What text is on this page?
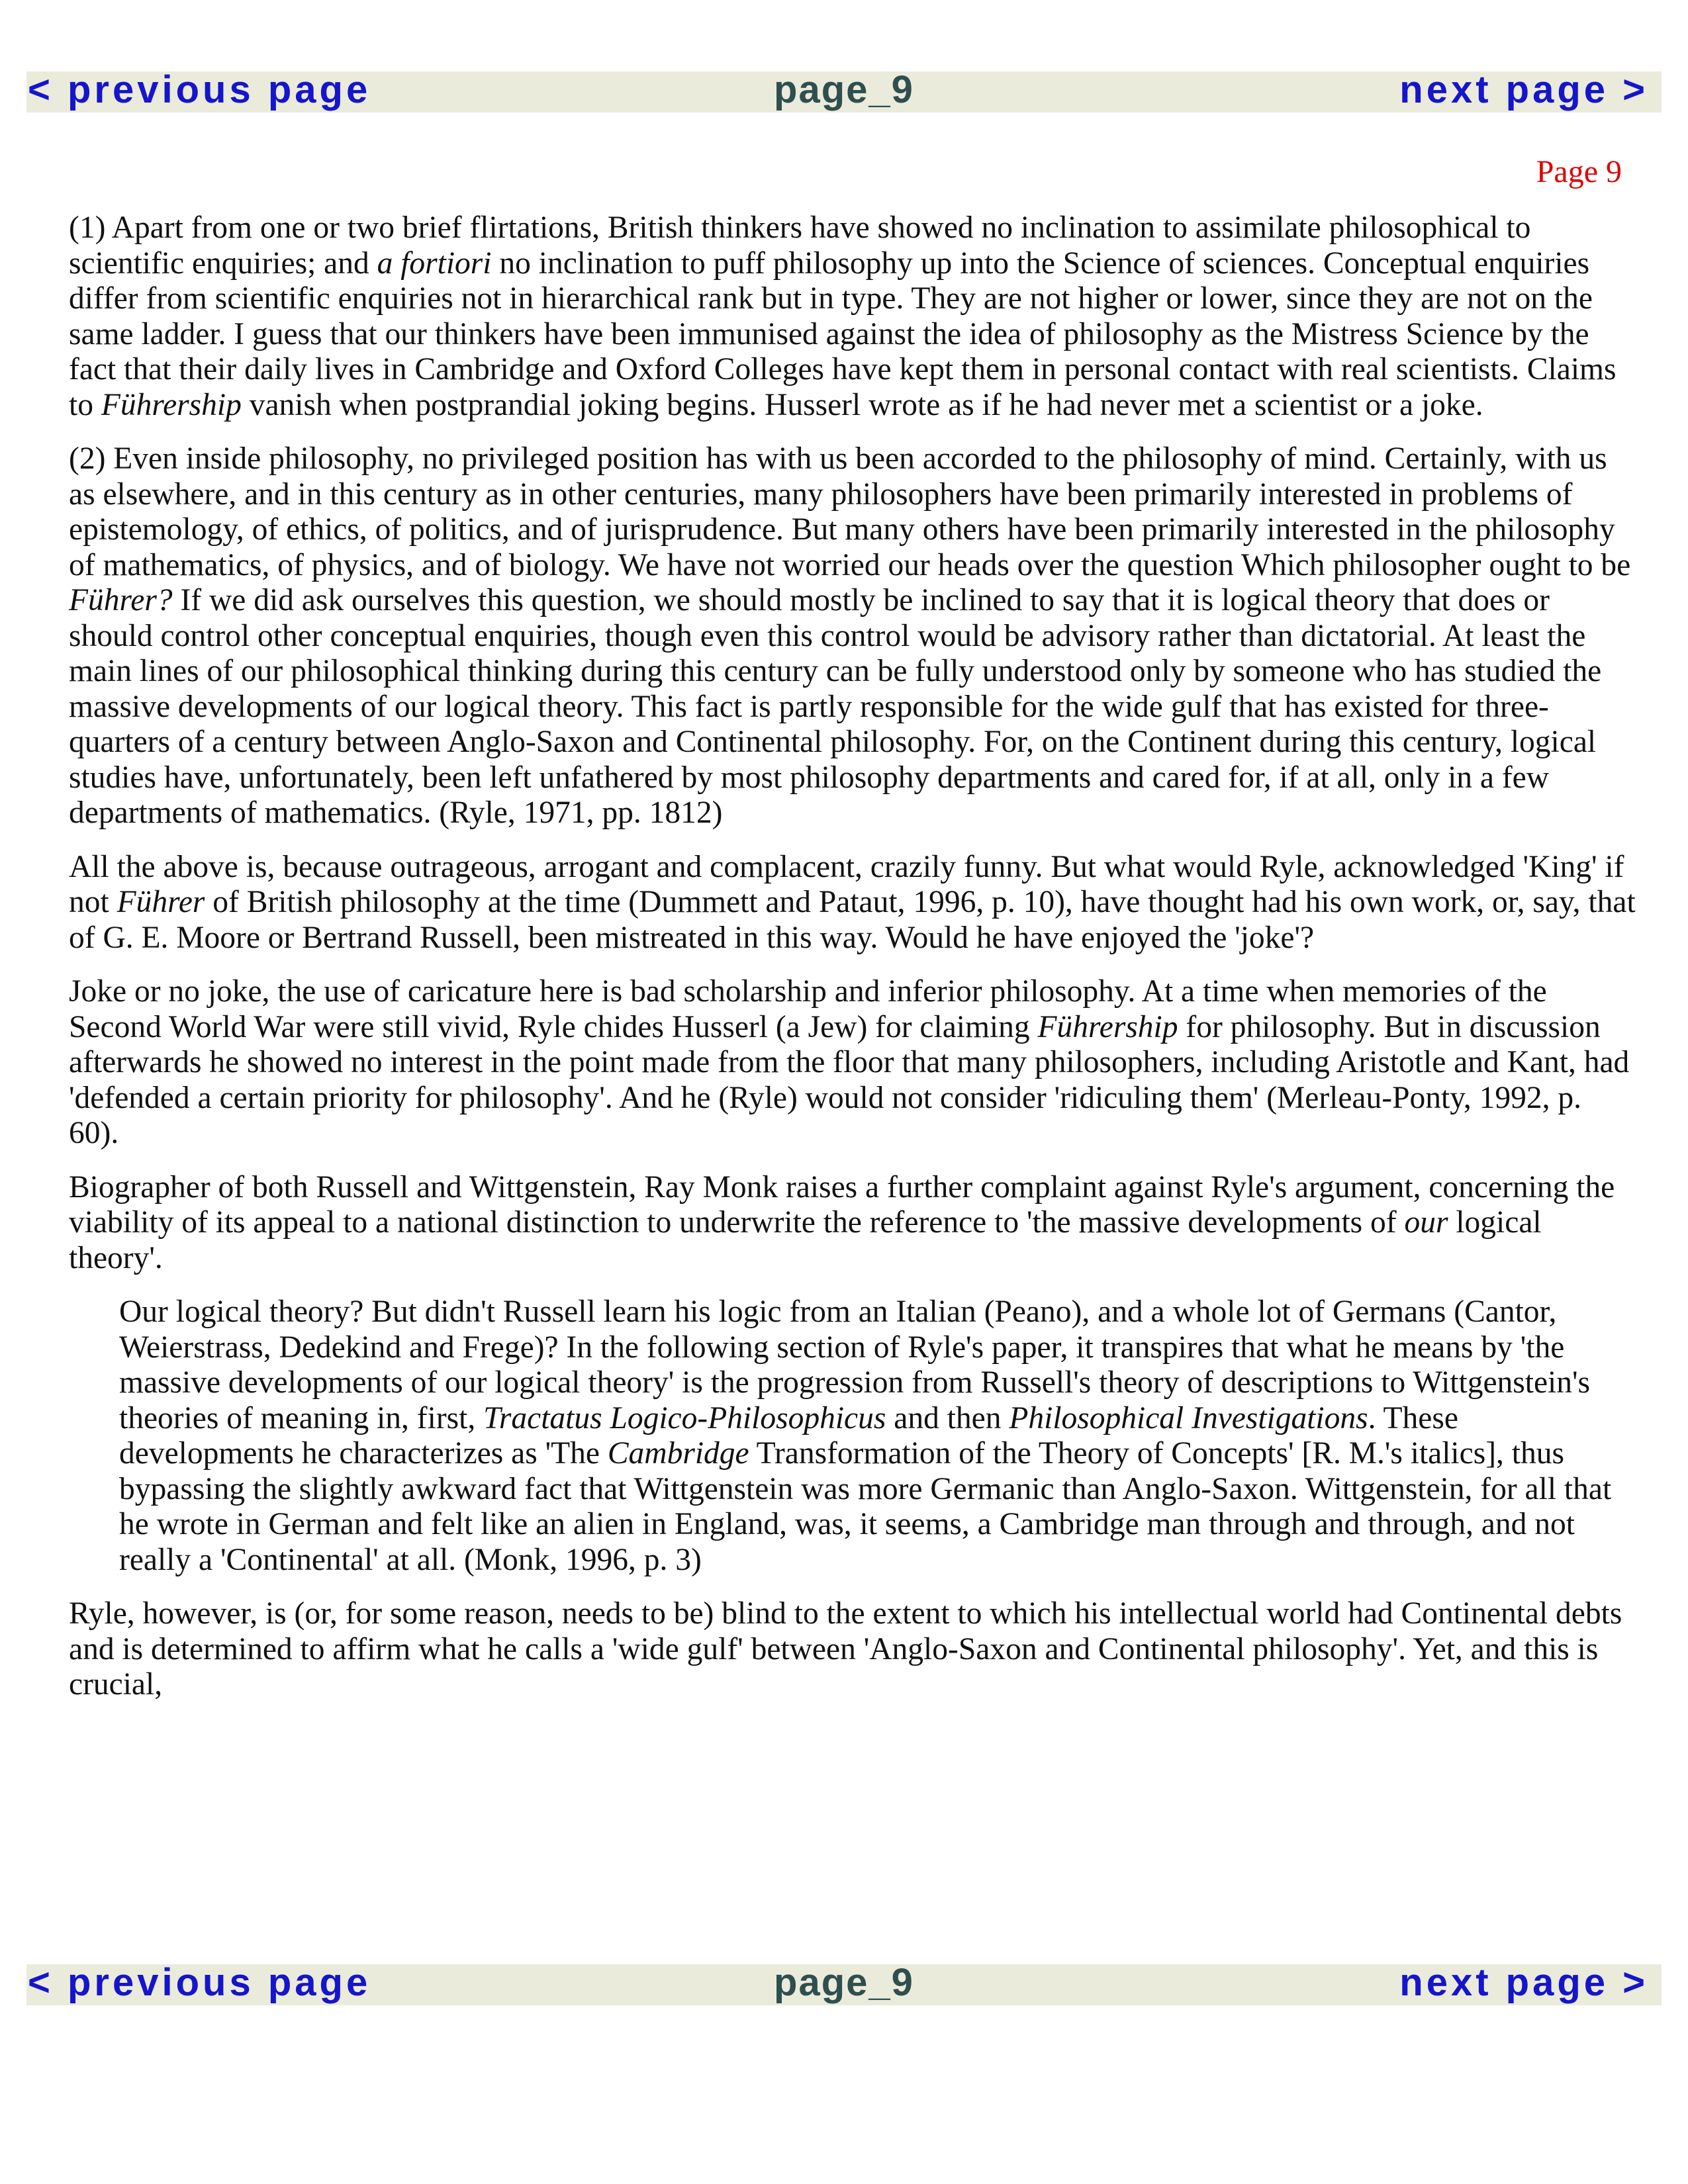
< previous page	page_9	next page >
Page 9

(1) Apart from one or two brief flirtations, British thinkers have showed no inclination to assimilate philosophical to scientific enquiries; and a fortiori no inclination to puff philosophy up into the Science of sciences. Conceptual enquiries differ from scientific enquiries not in hierarchical rank but in type. They are not higher or lower, since they are not on the same ladder. I guess that our thinkers have been immunised against the idea of philosophy as the Mistress Science by the fact that their daily lives in Cambridge and Oxford Colleges have kept them in personal contact with real scientists. Claims to Führership vanish when postprandial joking begins. Husserl wrote as if he had never met a scientist or a joke.

(2) Even inside philosophy, no privileged position has with us been accorded to the philosophy of mind. Certainly, with us as elsewhere, and in this century as in other centuries, many philosophers have been primarily interested in problems of epistemology, of ethics, of politics, and of jurisprudence. But many others have been primarily interested in the philosophy of mathematics, of physics, and of biology. We have not worried our heads over the question Which philosopher ought to be Führer? If we did ask ourselves this question, we should mostly be inclined to say that it is logical theory that does or should control other conceptual enquiries, though even this control would be advisory rather than dictatorial. At least the main lines of our philosophical thinking during this century can be fully understood only by someone who has studied the massive developments of our logical theory. This fact is partly responsible for the wide gulf that has existed for three-quarters of a century between Anglo-Saxon and Continental philosophy. For, on the Continent during this century, logical studies have, unfortunately, been left unfathered by most philosophy departments and cared for, if at all, only in a few departments of mathematics. (Ryle, 1971, pp. 1812)

All the above is, because outrageous, arrogant and complacent, crazily funny. But what would Ryle, acknowledged 'King' if not Führer of British philosophy at the time (Dummett and Pataut, 1996, p. 10), have thought had his own work, or, say, that of G. E. Moore or Bertrand Russell, been mistreated in this way. Would he have enjoyed the 'joke'?

Joke or no joke, the use of caricature here is bad scholarship and inferior philosophy. At a time when memories of the Second World War were still vivid, Ryle chides Husserl (a Jew) for claiming Führership for philosophy. But in discussion afterwards he showed no interest in the point made from the floor that many philosophers, including Aristotle and Kant, had 'defended a certain priority for philosophy'. And he (Ryle) would not consider 'ridiculing them' (Merleau-Ponty, 1992, p. 60).

Biographer of both Russell and Wittgenstein, Ray Monk raises a further complaint against Ryle's argument, concerning the viability of its appeal to a national distinction to underwrite the reference to 'the massive developments of our logical theory'.

Our logical theory? But didn't Russell learn his logic from an Italian (Peano), and a whole lot of Germans (Cantor, Weierstrass, Dedekind and Frege)? In the following section of Ryle's paper, it transpires that what he means by 'the massive developments of our logical theory' is the progression from Russell's theory of descriptions to Wittgenstein's theories of meaning in, first, Tractatus Logico-Philosophicus and then Philosophical Investigations. These developments he characterizes as 'The Cambridge Transformation of the Theory of Concepts' [R. M.'s italics], thus bypassing the slightly awkward fact that Wittgenstein was more Germanic than Anglo-Saxon. Wittgenstein, for all that he wrote in German and felt like an alien in England, was, it seems, a Cambridge man through and through, and not really a 'Continental' at all. (Monk, 1996, p. 3)

Ryle, however, is (or, for some reason, needs to be) blind to the extent to which his intellectual world had Continental debts and is determined to affirm what he calls a 'wide gulf' between 'Anglo-Saxon and Continental philosophy'. Yet, and this is crucial,

< previous page	page_9	next page >
